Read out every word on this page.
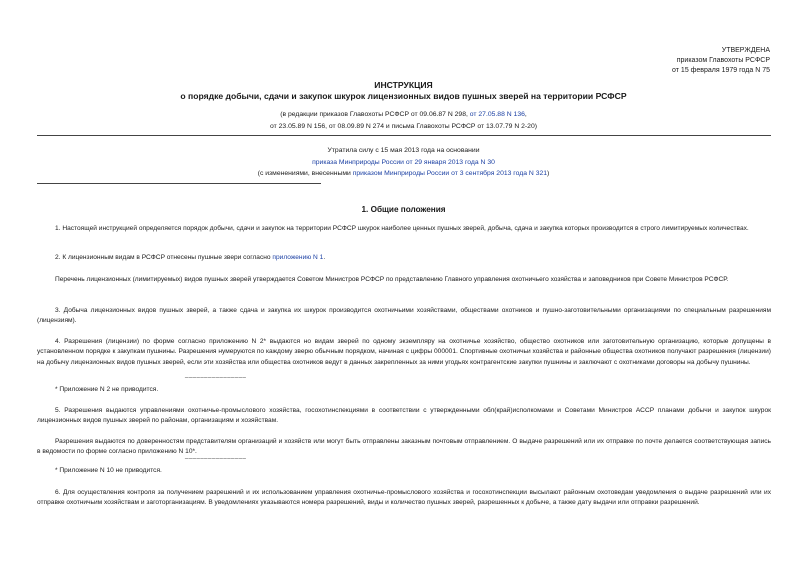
УТВЕРЖДЕНА
приказом Главохоты РСФСР
от 15 февраля 1979 года N 75
ИНСТРУКЦИЯ
о порядке добычи, сдачи и закупок шкурок лицензионных видов пушных зверей на территории РСФСР
(в редакции приказов Главохоты РСФСР от 09.06.87 N 298, от 27.05.88 N 136,
от 23.05.89 N 156, от 08.09.89 N 274 и письма Главохоты РСФСР от 13.07.79 N 2-20)
Утратила силу с 15 мая 2013 года на основании
приказа Минприроды России от 29 января 2013 года N 30
(с изменениями, внесенными приказом Минприроды России от 3 сентября 2013 года N 321)
1. Общие положения

1. Настоящей инструкцией определяется порядок добычи, сдачи и закупок на территории РСФСР шкурок наиболее ценных пушных зверей, добыча, сдача и закупка которых производится в строго лимитируемых количествах.

2. К лицензионным видам в РСФСР отнесены пушные звери согласно приложению N 1.

Перечень лицензионных (лимитируемых) видов пушных зверей утверждается Советом Министров РСФСР по представлению Главного управления охотничьего хозяйства и заповедников при Совете Министров РСФСР.

3. Добыча лицензионных видов пушных зверей, а также сдача и закупка их шкурок производится охотничьими хозяйствами, обществами охотников и пушно-заготовительными организациями по специальным разрешениям (лицензиям).

4. Разрешения (лицензии) по форме согласно приложению N 2* выдаются но видам зверей по одному экземпляру на охотничье хозяйство, общество охотников или заготовительную организацию, которые допущены в установленном порядке к закупкам пушнины. Разрешения нумеруются по каждому зверю обычным порядком, начиная с цифры 000001. Спортивные охотничьи хозяйства и районные общества охотников получают разрешения (лицензии) на добычу лицензионных видов пушных зверей, если эти хозяйства или общества охотников ведут в данных закрепленных за ними угодьях контрагентские закупки пушнины и заключают с охотниками договоры на добычу пушнины.

________________
* Приложение N 2 не приводится.

5. Разрешения выдаются управлениями охотничье-промыслового хозяйства, госохотинспекциями в соответствии с утвержденными обл(край)исполкомами и Советами Министров АССР планами добычи и закупок шкурок лицензионных видов пушных зверей по районам, организациям и хозяйствам.

Разрешения выдаются по доверенностям представителям организаций и хозяйств или могут быть отправлены заказным почтовым отправлением. О выдаче разрешений или их отправке по почте делается соответствующая запись в ведомости по форме согласно приложению N 10*.

________________
* Приложение N 10 не приводится.

6. Для осуществления контроля за получением разрешений и их использованием управления охотничье-промыслового хозяйства и госохотинспекции высылают районным охотоведам уведомления о выдаче разрешений или их отправке охотничьим хозяйствам и заготорганизациям. В уведомлениях указываются номера разрешений, виды и количество пушных зверей, разрешенных к добыче, а также дату выдачи или отправки разрешений.
